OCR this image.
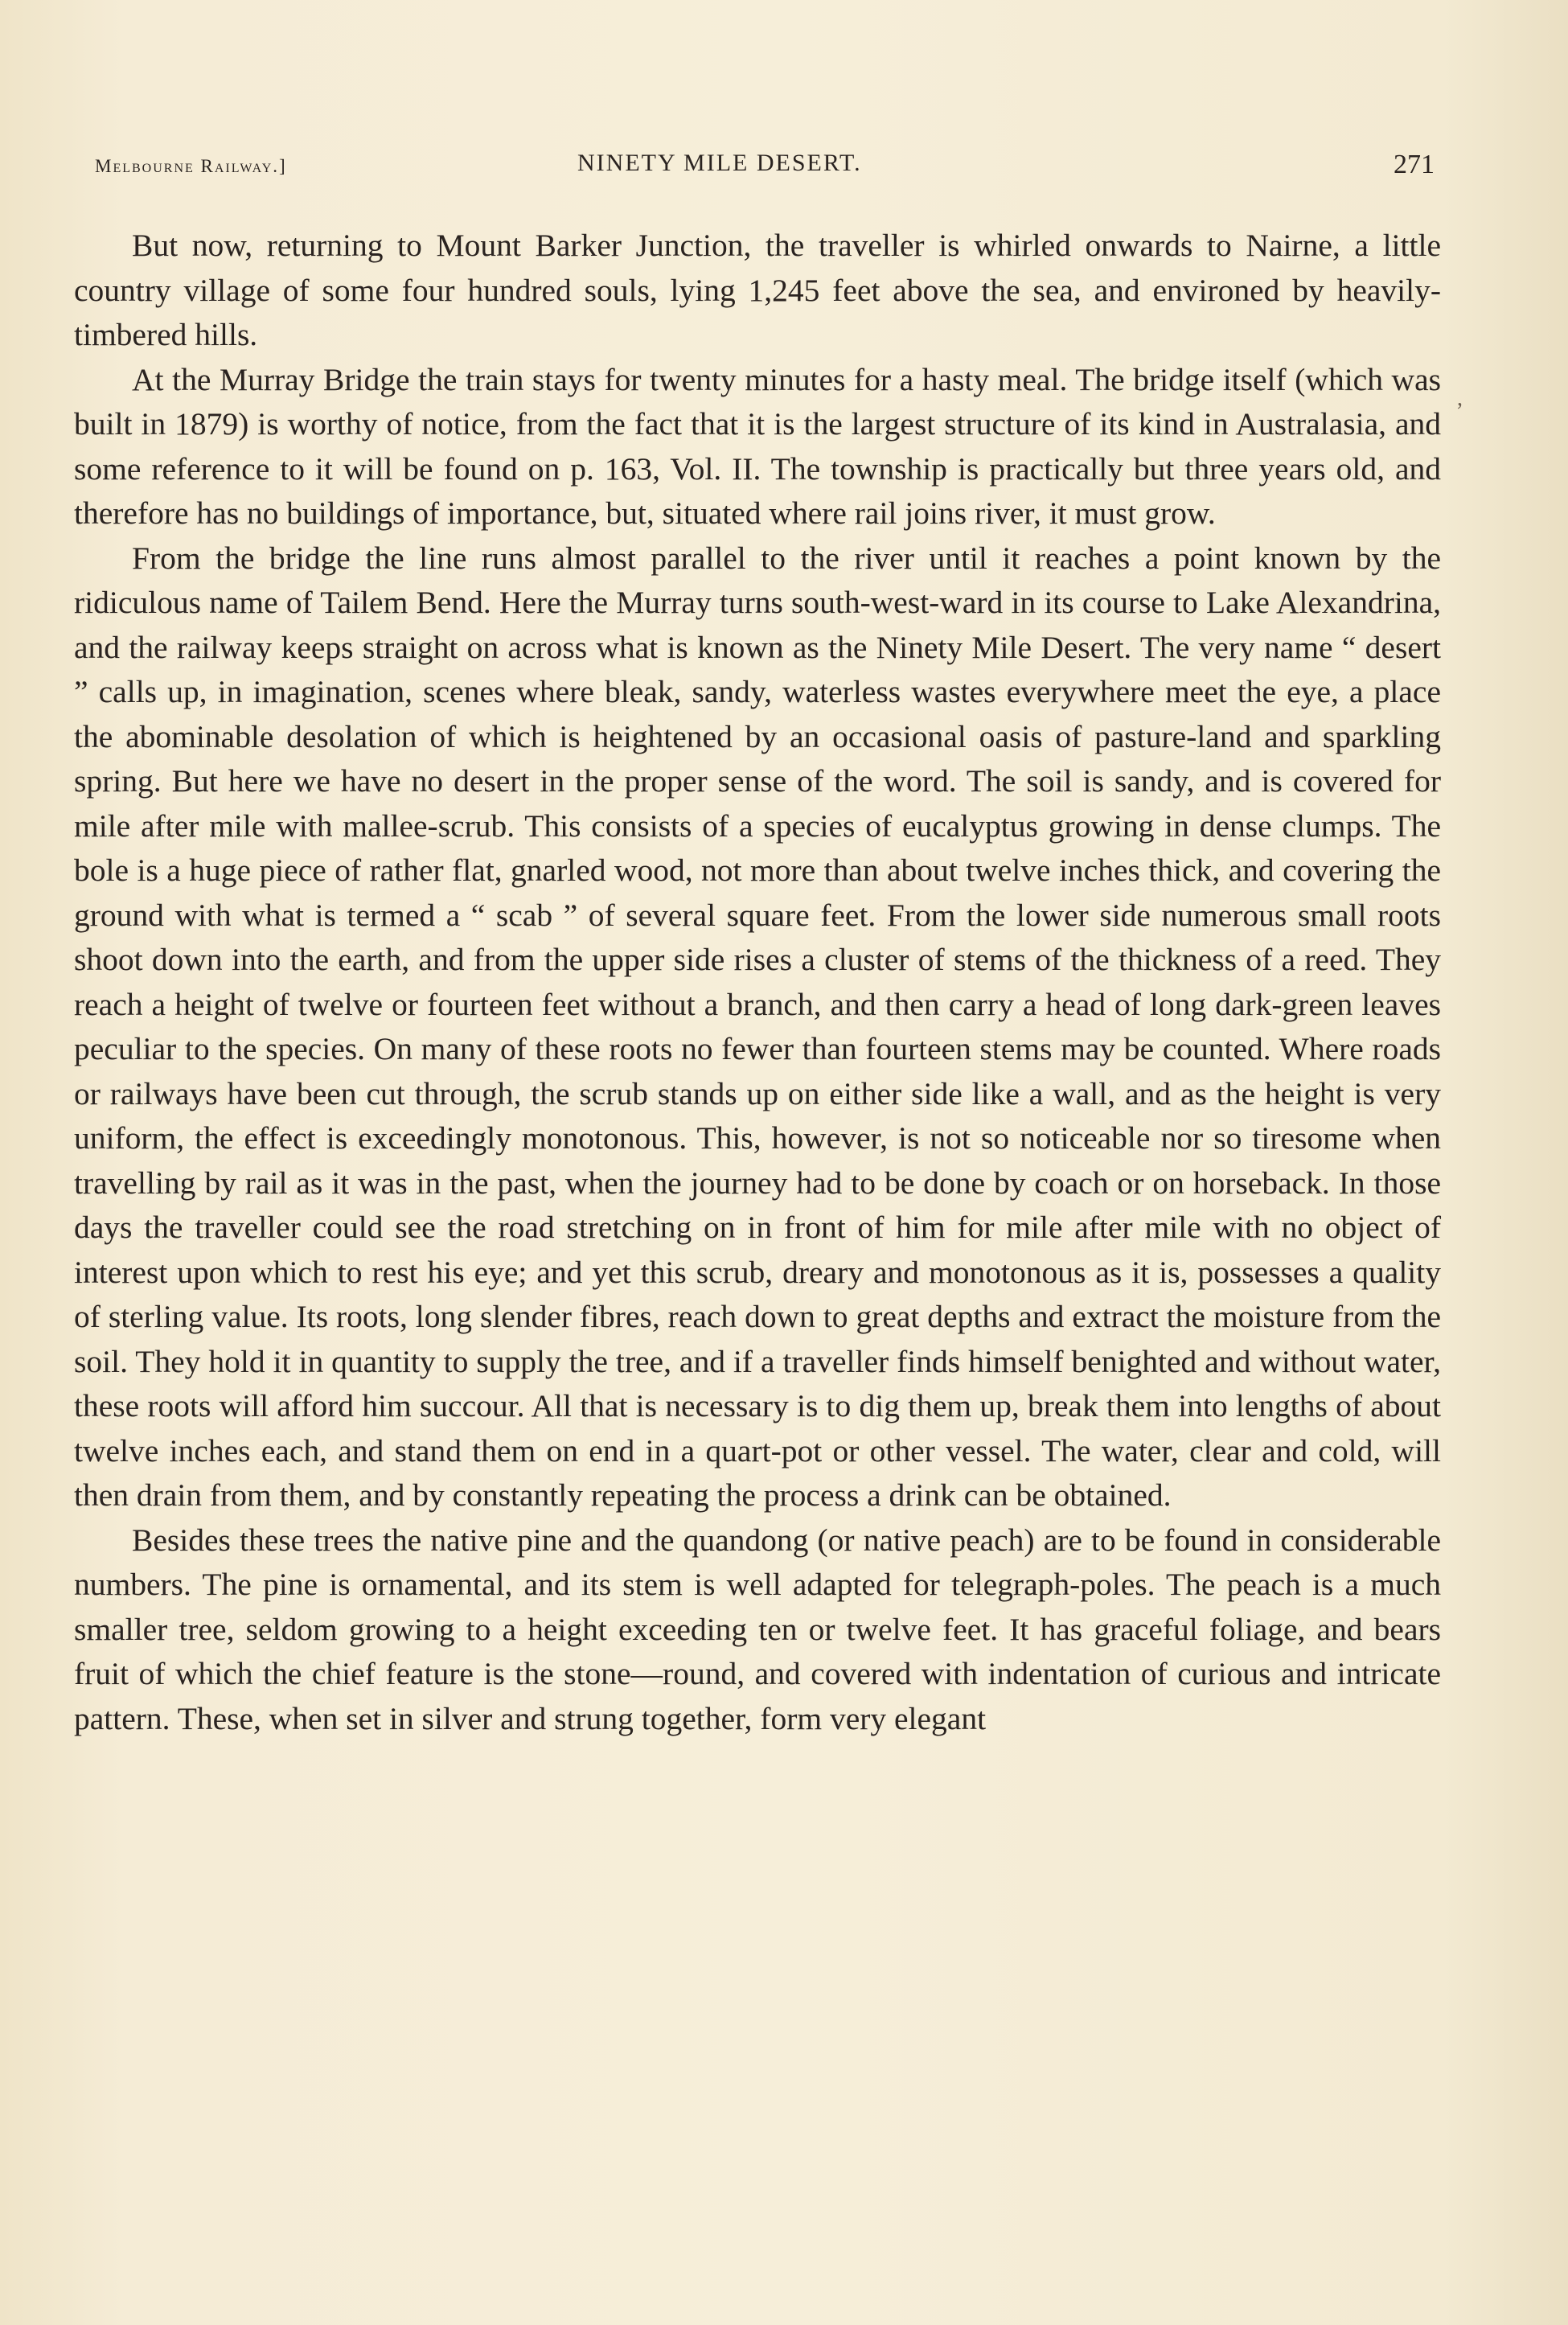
Melbourne Railway.]	NINETY MILE DESERT.	271

But now, returning to Mount Barker Junction, the traveller is whirled onwards to Nairne, a little country village of some four hundred souls, lying 1,245 feet above the sea, and environed by heavily-timbered hills.

At the Murray Bridge the train stays for twenty minutes for a hasty meal. The bridge itself (which was built in 1879) is worthy of notice, from the fact that it is the largest structure of its kind in Australasia, and some reference to it will be found on p. 163, Vol. II. The township is practically but three years old, and therefore has no buildings of importance, but, situated where rail joins river, it must grow.

From the bridge the line runs almost parallel to the river until it reaches a point known by the ridiculous name of Tailem Bend. Here the Murray turns south-west-ward in its course to Lake Alexandrina, and the railway keeps straight on across what is known as the Ninety Mile Desert. The very name “ desert ” calls up, in imagination, scenes where bleak, sandy, waterless wastes everywhere meet the eye, a place the abominable desolation of which is heightened by an occasional oasis of pasture-land and sparkling spring. But here we have no desert in the proper sense of the word. The soil is sandy, and is covered for mile after mile with mallee-scrub. This consists of a species of eucalyptus growing in dense clumps. The bole is a huge piece of rather flat, gnarled wood, not more than about twelve inches thick, and covering the ground with what is termed a “ scab ” of several square feet. From the lower side numerous small roots shoot down into the earth, and from the upper side rises a cluster of stems of the thickness of a reed. They reach a height of twelve or fourteen feet without a branch, and then carry a head of long dark-green leaves peculiar to the species. On many of these roots no fewer than fourteen stems may be counted. Where roads or railways have been cut through, the scrub stands up on either side like a wall, and as the height is very uniform, the effect is exceedingly monotonous. This, however, is not so noticeable nor so tiresome when travelling by rail as it was in the past, when the journey had to be done by coach or on horseback. In those days the traveller could see the road stretching on in front of him for mile after mile with no object of interest upon which to rest his eye; and yet this scrub, dreary and monotonous as it is, possesses a quality of sterling value. Its roots, long slender fibres, reach down to great depths and extract the moisture from the soil. They hold it in quantity to supply the tree, and if a traveller finds himself benighted and without water, these roots will afford him succour. All that is necessary is to dig them up, break them into lengths of about twelve inches each, and stand them on end in a quart-pot or other vessel. The water, clear and cold, will then drain from them, and by constantly repeating the process a drink can be obtained.

Besides these trees the native pine and the quandong (or native peach) are to be found in considerable numbers. The pine is ornamental, and its stem is well adapted for telegraph-poles. The peach is a much smaller tree, seldom growing to a height exceeding ten or twelve feet. It has graceful foliage, and bears fruit of which the chief feature is the stone—round, and covered with indentation of curious and intricate pattern. These, when set in silver and strung together, form very elegant

,
